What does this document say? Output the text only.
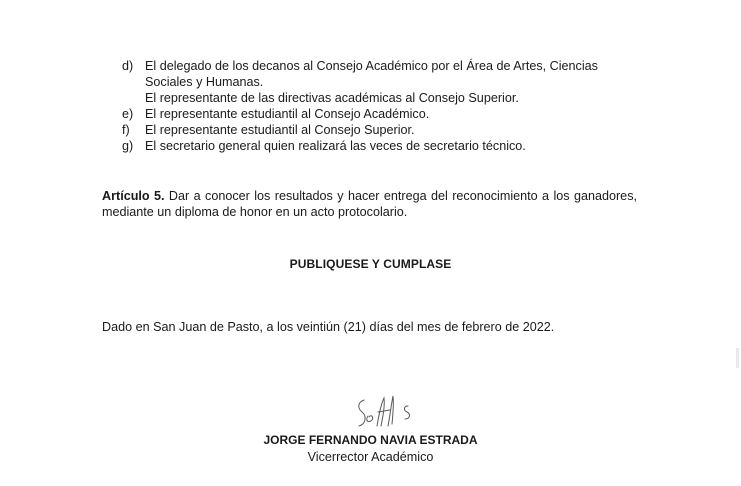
d) El delegado de los decanos al Consejo Académico por el Área de Artes, Ciencias Sociales y Humanas.
El representante de las directivas académicas al Consejo Superior.
e) El representante estudiantil al Consejo Académico.
f)	El representante estudiantil al Consejo Superior.
g) El secretario general quien realizará las veces de secretario técnico.
Artículo 5. Dar a conocer los resultados y hacer entrega del reconocimiento a los ganadores, mediante un diploma de honor en un acto protocolario.
PUBLIQUESE Y CUMPLASE
Dado en San Juan de Pasto, a los veintiún (21) días del mes de febrero de 2022.
JORGE FERNANDO NAVIA ESTRADA
Vicerrector Académico
